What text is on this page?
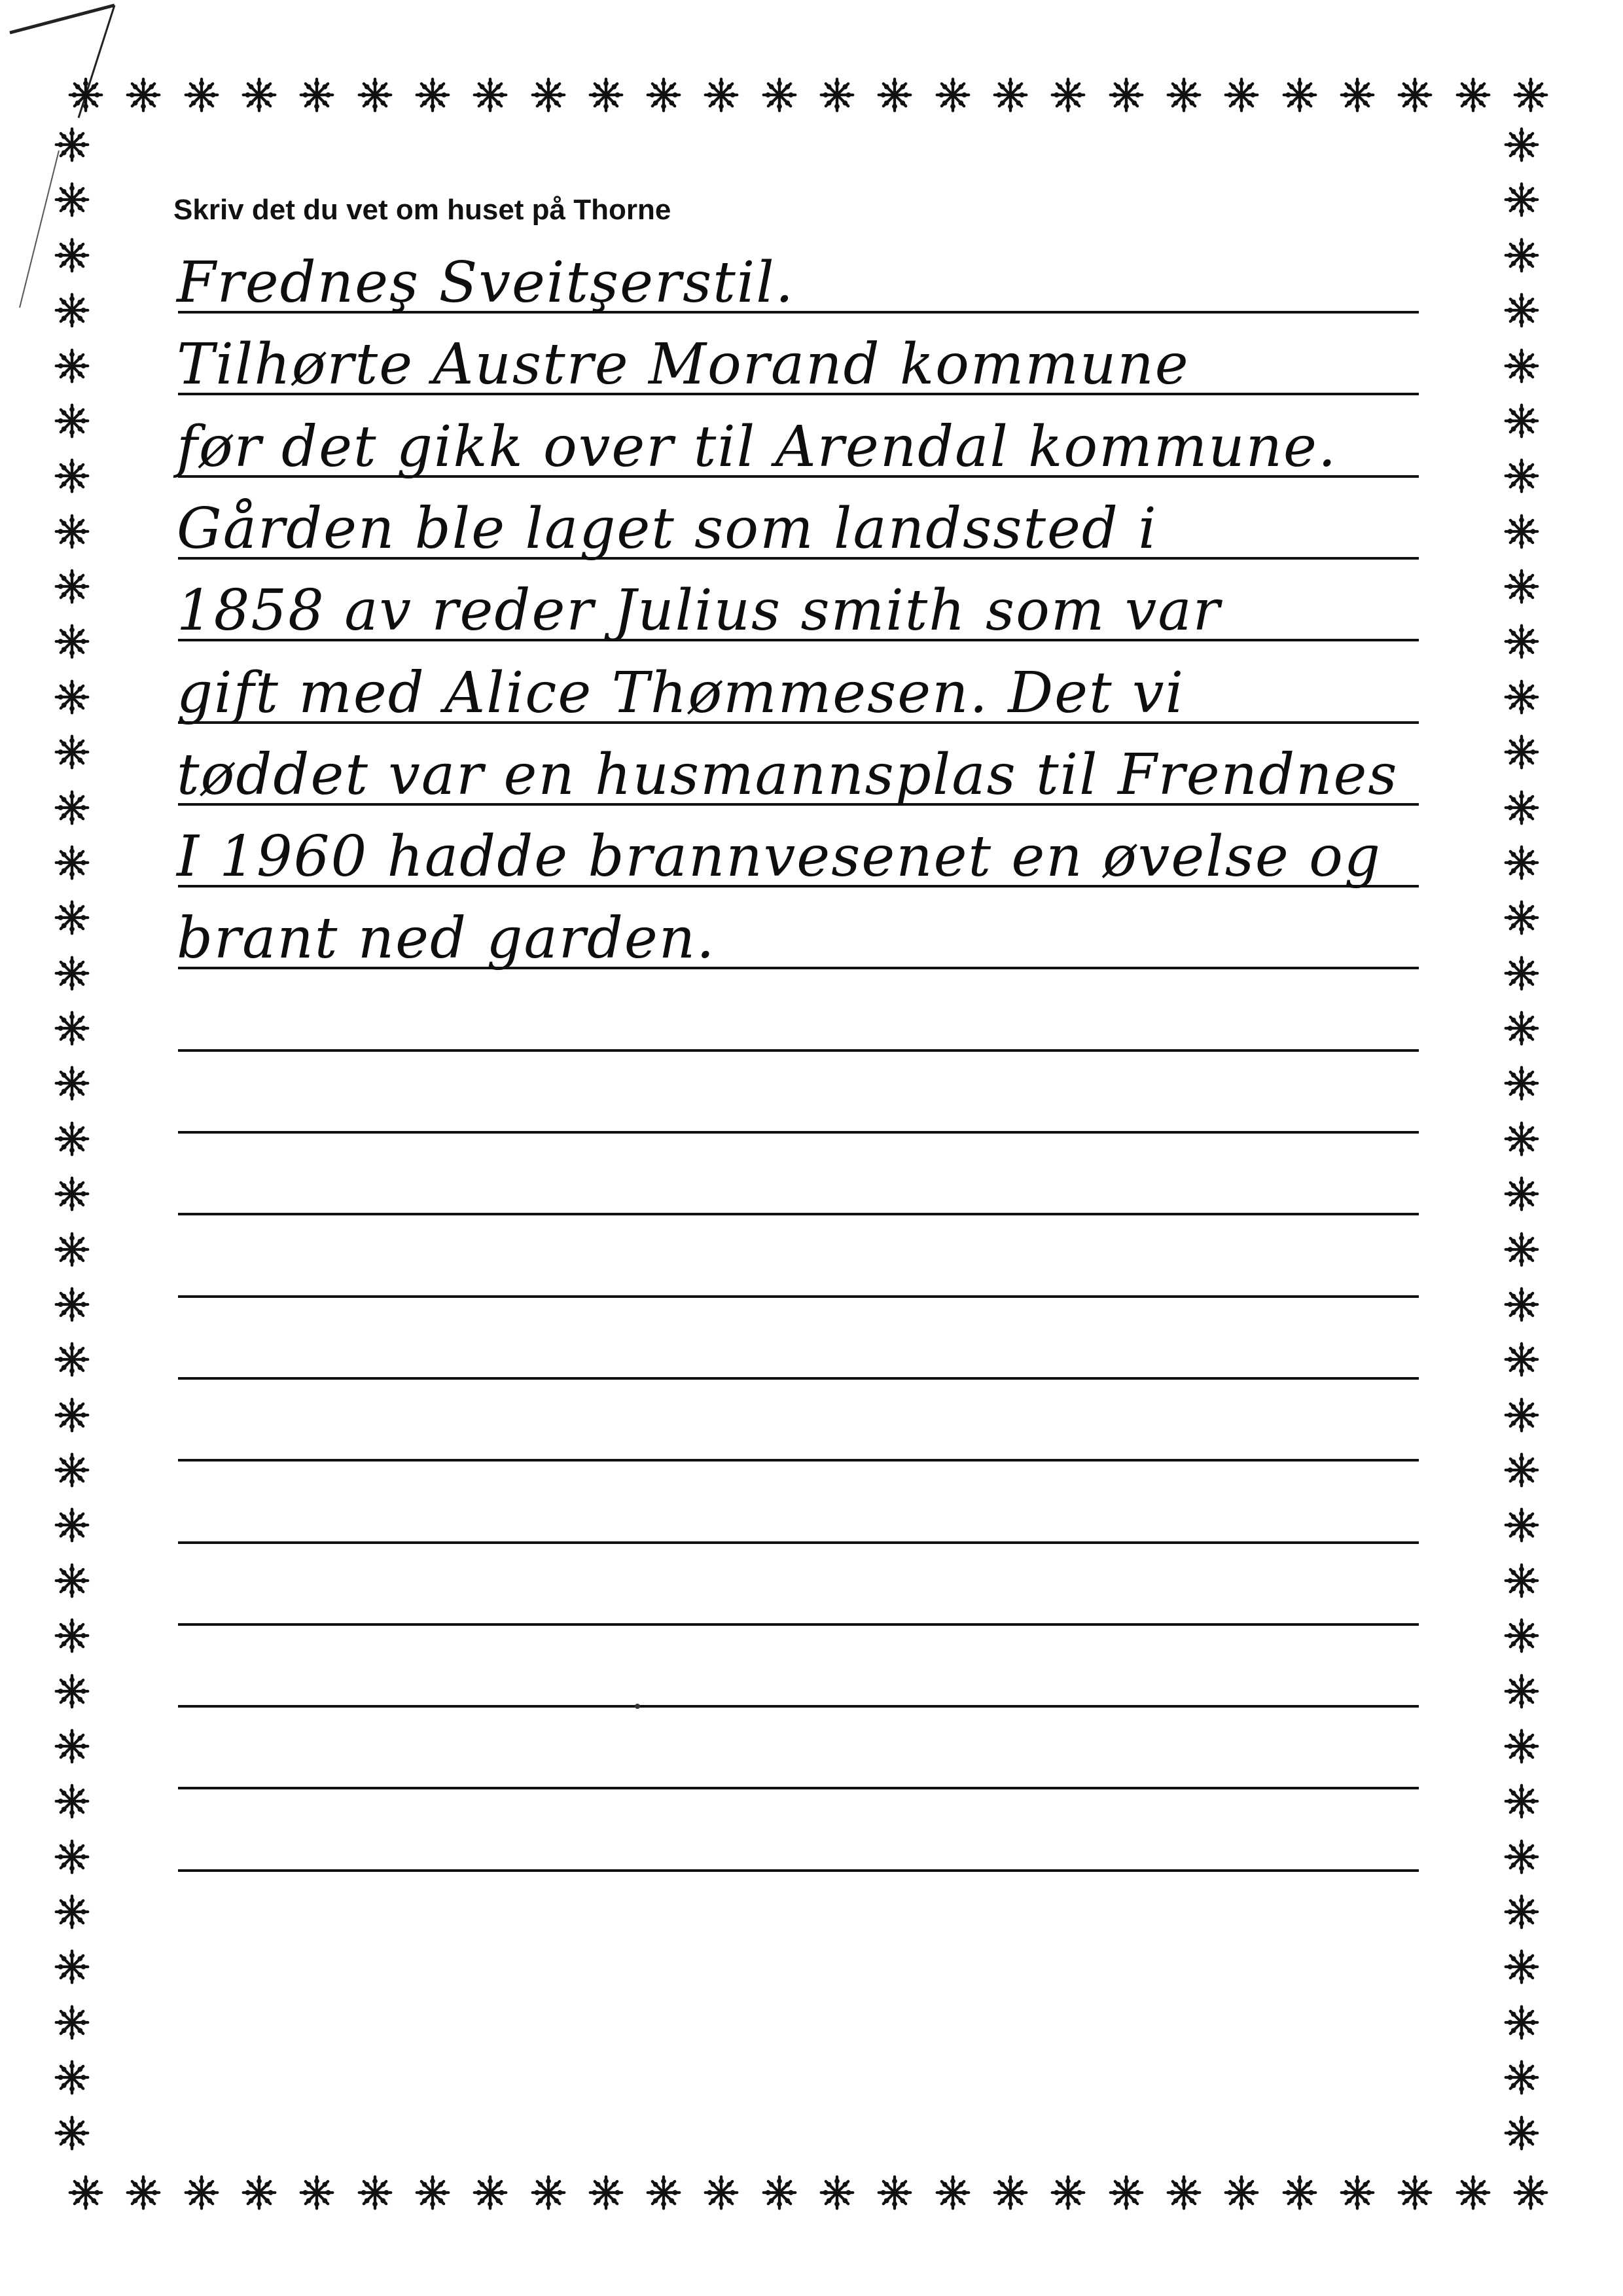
Skriv det du vet om huset på Thorne
Fredneş Sveitşerstil.
Tilhørte Austre Morand kommune
før det gikk over til Arendal kommune.
Gården ble laget som landssted i
1858 av reder Julius smith som var
gift med Alice Thømmesen. Det vi
tøddet var en husmannsplas til Frendnes
I 1960 hadde brannvesenet en øvelse og
brant ned garden.
